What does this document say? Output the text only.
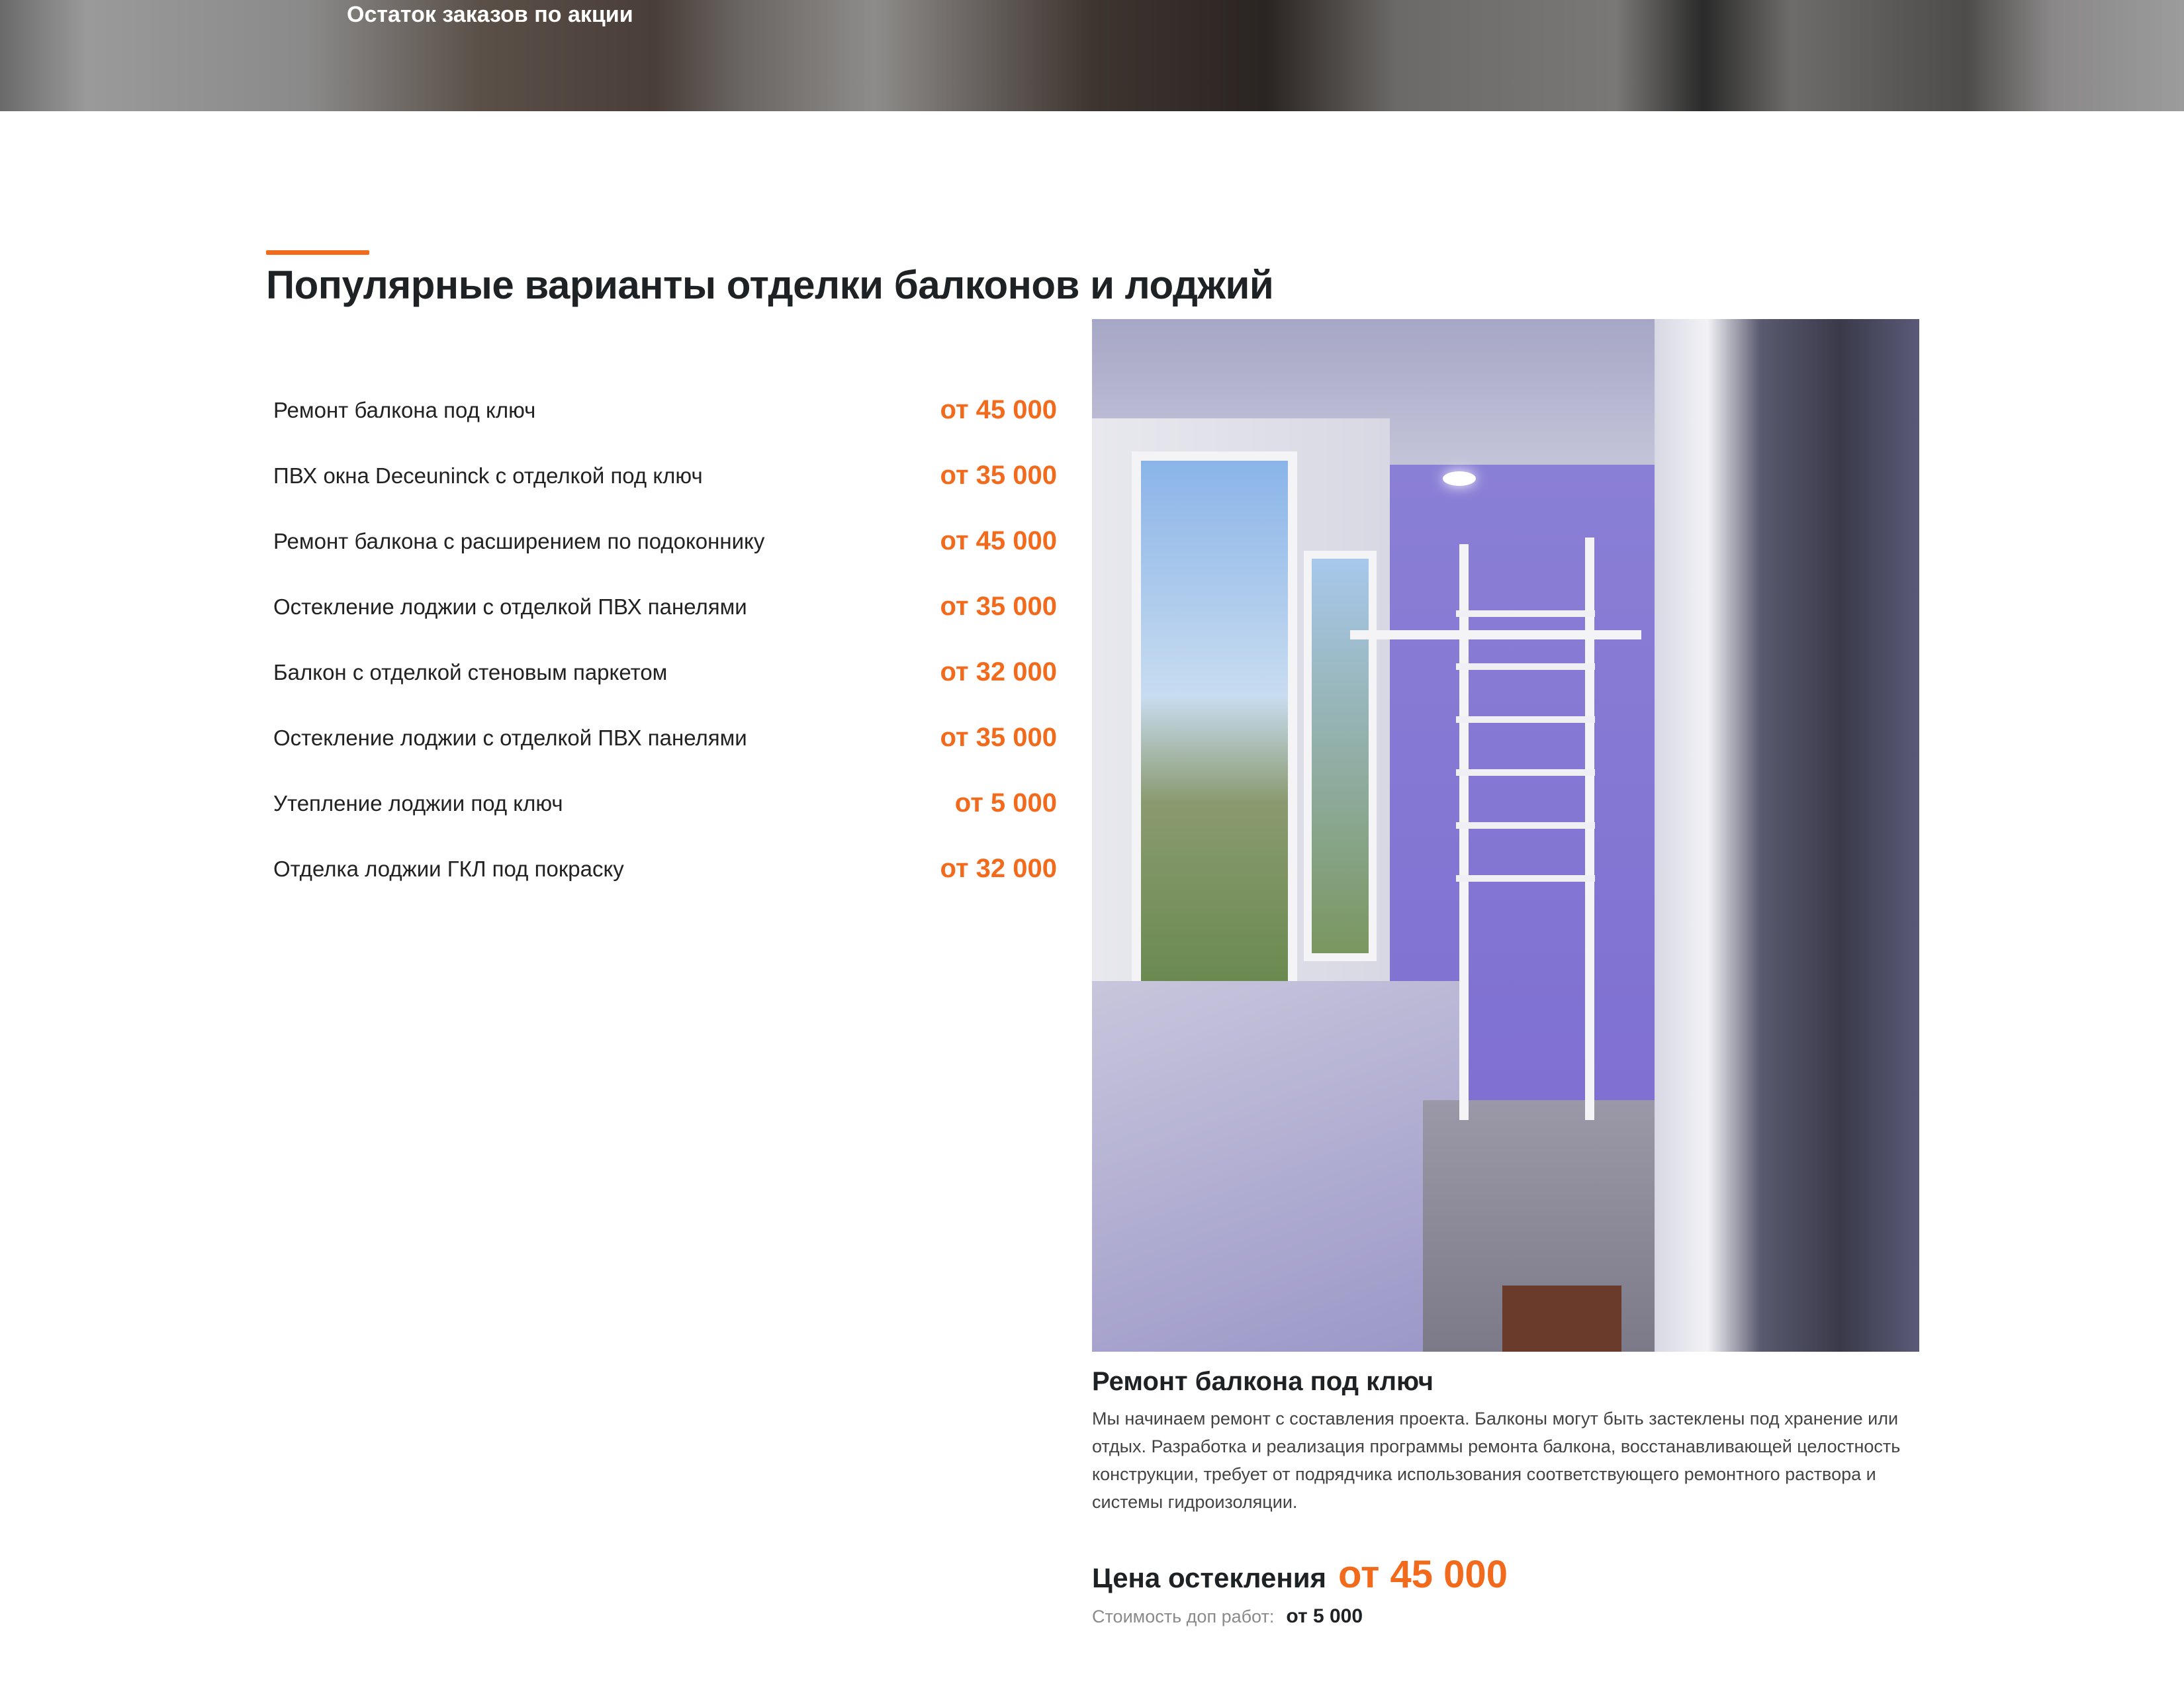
Остаток заказов по акции
Популярные варианты отделки балконов и лоджий
Ремонт балкона под ключ	от 45 000
ПВХ окна Deceuninck с отделкой под ключ	от 35 000
Ремонт балкона с расширением по подоконнику	от 45 000
Остекление лоджии с отделкой ПВХ панелями	от 35 000
Балкон с отделкой стеновым паркетом	от 32 000
Остекление лоджии с отделкой ПВХ панелями	от 35 000
Утепление лоджии под ключ	от 5 000
Отделка лоджии ГКЛ под покраску	от 32 000
Ремонт балкона под ключ

Мы начинаем ремонт с составления проекта. Балконы могут быть застеклены под хранение или отдых. Разработка и реализация программы ремонта балкона, восстанавливающей целостность конструкции, требует от подрядчика использования соответствующего ремонтного раствора и системы гидроизоляции.

Цена остекления от 45 000
Стоимость доп работ: от 5 000
